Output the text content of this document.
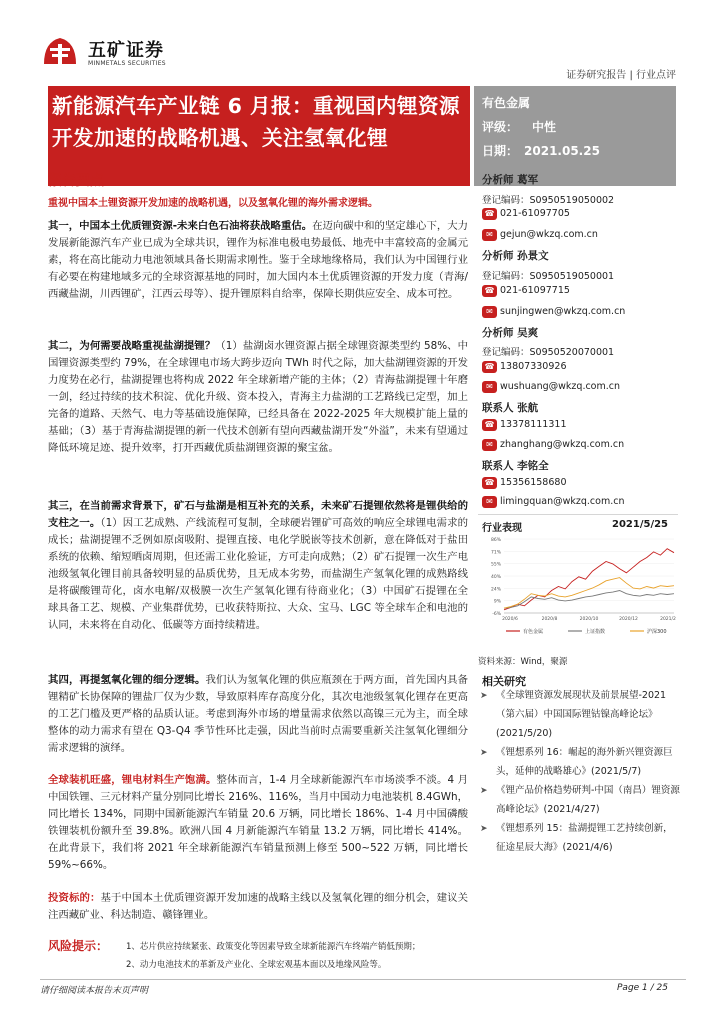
五矿证券
MINMETALS SECURITIES
证券研究报告 | 行业点评
新能源汽车产业链 6 月报：重视国内锂资源开发加速的战略机遇、关注氢氧化锂
有色金属
评级： 中性
日期： 2021.05.25
报告要点
重视中国本土锂资源开发加速的战略机遇，以及氢氧化锂的海外需求逻辑。
其一，中国本土优质锂资源-未来白色石油将获战略重估。在迈向碳中和的坚定雄心下，大力发展新能源汽车产业已成为全球共识，锂作为标准电极电势最低、地壳中丰富较高的金属元素，将在高比能动力电池领域具备长期需求刚性。鉴于全球地缘格局，我们认为中国锂行业有必要在构建地域多元的全球资源基地的同时，加大国内本土优质锂资源的开发力度（青海/西藏盐湖，川西锂矿，江西云母等）、提升锂原料自给率，保障长期供应安全、成本可控。
其二，为何需要战略重视盐湖提锂？（1）盐湖卤水锂资源占据全球锂资源类型约 58%、中国锂资源类型约 79%，在全球锂电市场大跨步迈向 TWh 时代之际，加大盐湖锂资源的开发力度势在必行，盐湖提锂也将构成 2022 年全球新增产能的主体；（2）青海盐湖提锂十年磨一剑，经过持续的技术积淀、优化升级、资本投入，青海主力盐湖的工艺路线已定型，加上完备的道路、天然气、电力等基础设施保障，已经具备在 2022-2025 年大规模扩能上量的基础；（3）基于青海盐湖提锂的新一代技术创新有望向西藏盐湖开发“外溢”，未来有望通过降低环境足迹、提升效率，打开西藏优质盐湖锂资源的聚宝盆。
其三，在当前需求背景下，矿石与盐湖是相互补充的关系，未来矿石提锂依然将是锂供给的支柱之一。（1）因工艺成熟、产线流程可复制，全球硬岩锂矿可高效的响应全球锂电需求的成长；盐湖提锂不乏例如原卤吸附、提锂直接、电化学脱嵌等技术创新，意在降低对于盐田系统的依赖、缩短晒卤周期，但还需工业化验证，方可走向成熟；（2）矿石提锂一次生产电池级氢氧化锂目前具备较明显的品质优势，且无成本劣势，而盐湖生产氢氧化锂的成熟路线是将碳酸锂苛化，卤水电解/双极膜一次生产氢氧化锂有待商业化；（3）中国矿石提锂在全球具备工艺、规模、产业集群优势，已收获特斯拉、大众、宝马、LGC 等全球车企和电池的认同，未来将在自动化、低碳等方面持续精进。
其四，再提氢氧化锂的细分逻辑。我们认为氢氧化锂的供应瓶颈在于两方面，首先国内具备锂精矿长协保障的锂盐厂仅为少数，导致原料库存高度分化，其次电池级氢氧化锂存在更高的工艺门槛及更严格的品质认证。考虑到海外市场的增量需求依然以高镍三元为主，而全球整体的动力需求有望在 Q3-Q4 季节性环比走强，因此当前时点需要重新关注氢氧化锂细分需求逻辑的演绎。
全球装机旺盛，锂电材料生产饱满。整体而言，1-4 月全球新能源汽车市场淡季不淡。4 月中国铁锂、三元材料产量分别同比增长 216%、116%，当月中国动力电池装机 8.4GWh，同比增长 134%，同期中国新能源汽车销量 20.6 万辆，同比增长 186%、1-4 月中国磷酸铁锂装机份额升至 39.8%。欧洲八国 4 月新能源汽车销量 13.2 万辆，同比增长 414%。在此背景下，我们将 2021 年全球新能源汽车销量预测上修至 500~522 万辆，同比增长 59%~66%。
投资标的：基于中国本土优质锂资源开发加速的战略主线以及氢氧化锂的细分机会，建议关注西藏矿业、科达制造、赣锋锂业。
风险提示： 1、芯片供应持续紧张、政策变化等因素导致全球新能源汽车终端产销低预期；
2、动力电池技术的革新及产业化、全球宏观基本面以及地缘风险等。
分析师 葛军
登记编码：S0950519050002
☎ 021-61097705
✉ gejun@wkzq.com.cn
分析师 孙景文
登记编码：S0950519050001
☎ 021-61097715
✉ sunjingwen@wkzq.com.cn
分析师 吴爽
登记编码：S0950520070001
☎ 13807330926
✉ wushuang@wkzq.com.cn
联系人 张航
☎ 13378111311
✉ zhanghang@wkzq.com.cn
联系人 李铭全
☎ 15356158680
✉ limingquan@wkzq.com.cn
行业表现	2021/5/25
-6%
9%
24%
40%
55%
71%
86%
2020/6	2020/8	2020/10	2020/12	2021/2
有色金属	上证指数	沪深300
资料来源：Wind，聚源
相关研究
➤ 《全球锂资源发展现状及前景展望-2021（第六届）中国国际锂钴镍高峰论坛》(2021/5/20)
➤ 《锂想系列 16：崛起的海外新兴锂资源巨头，延伸的战略雄心》(2021/5/7)
➤ 《锂产品价格趋势研判-中国（南昌）锂资源高峰论坛》(2021/4/27)
➤ 《锂想系列 15：盐湖提锂工艺持续创新，征途星辰大海》(2021/4/6)
请仔细阅读本报告末页声明	Page 1 / 25
